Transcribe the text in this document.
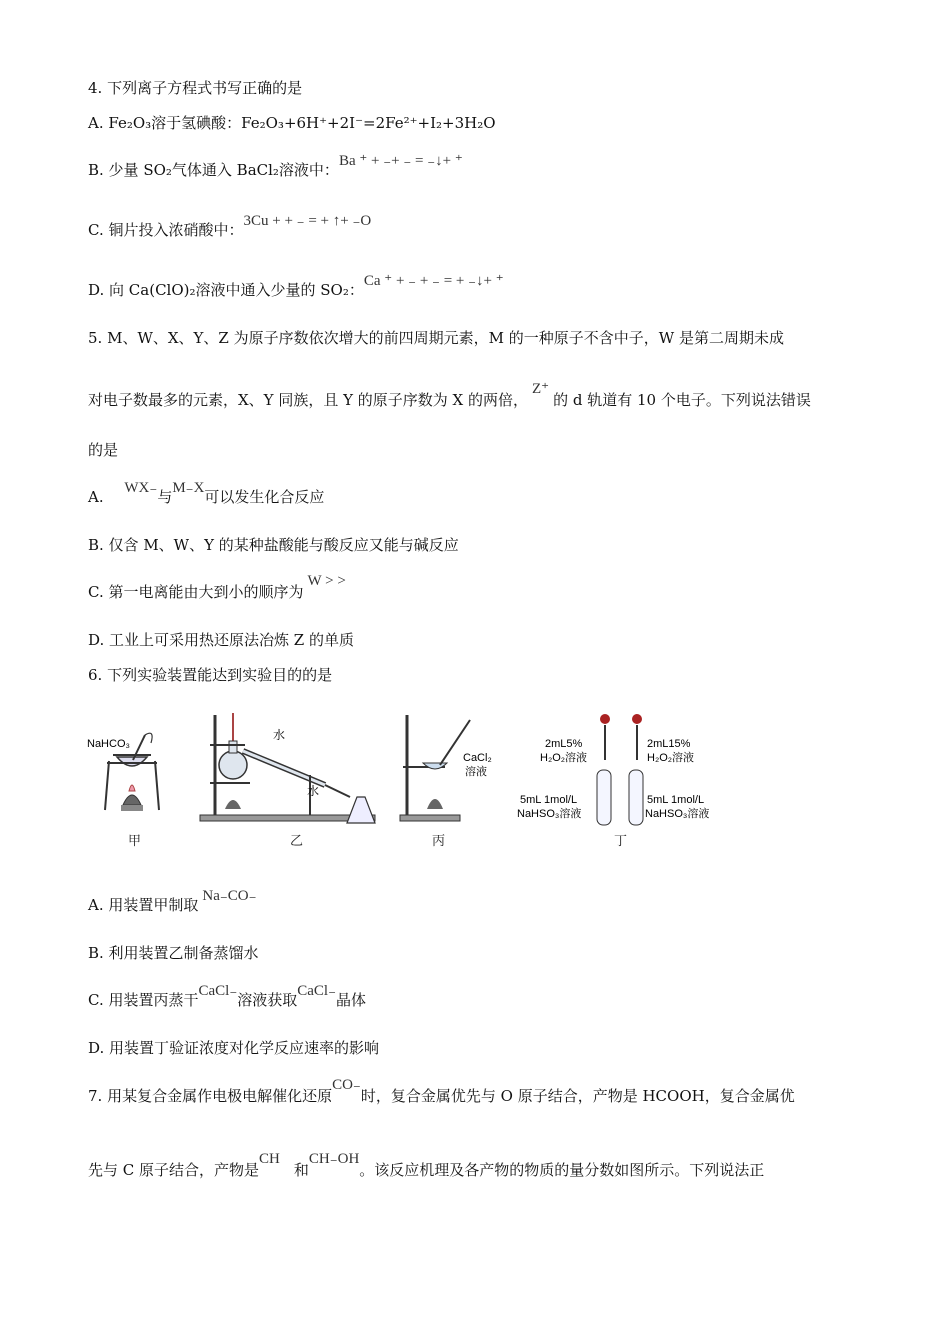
4. 下列离子方程式书写正确的是
A. Fe₂O₃溶于氢碘酸：Fe₂O₃+6H⁺+2I⁻=2Fe²⁺+I₂+3H₂O
B. 少量 SO₂气体通入 BaCl₂溶液中：Ba ⁺ + ₋+ ₋ = ₋↓+ ⁺
C. 铜片投入浓硝酸中：3Cu + + ₋ = + ↑+ ₋O
D. 向 Ca(ClO)₂溶液中通入少量的 SO₂：Ca ⁺ + ₋ + ₋ = + ₋↓+ ⁺
5. M、W、X、Y、Z 为原子序数依次增大的前四周期元素，M 的一种原子不含中子，W 是第二周期未成
对电子数最多的元素，X、Y 同族，且 Y 的原子序数为 X 的两倍，Z⁺的 d 轨道有 10 个电子。下列说法错误
的是
A. WX₋与M₋X可以发生化合反应
B. 仅含 M、W、Y 的某种盐酸能与酸反应又能与碱反应
C. 第一电离能由大到小的顺序为W > >
D. 工业上可采用热还原法冶炼 Z 的单质
6. 下列实验装置能达到实验目的的是
NaHCO₃
水
水
CaCl₂
溶液
2mL5%
H₂O₂溶液
2mL15%
H₂O₂溶液
5mL 1mol/L
NaHSO₃溶液
5mL 1mol/L
NaHSO₃溶液
甲	乙	丙	丁
A. 用装置甲制取 Na₋CO₋
B. 利用装置乙制备蒸馏水
C. 用装置丙蒸干CaCl₋溶液获取CaCl₋晶体
D. 用装置丁验证浓度对化学反应速率的影响
7. 用某复合金属作电极电解催化还原CO₋时，复合金属优先与 O 原子结合，产物是 HCOOH，复合金属优
先与 C 原子结合，产物是CH和CH₋OH。该反应机理及各产物的物质的量分数如图所示。下列说法正
